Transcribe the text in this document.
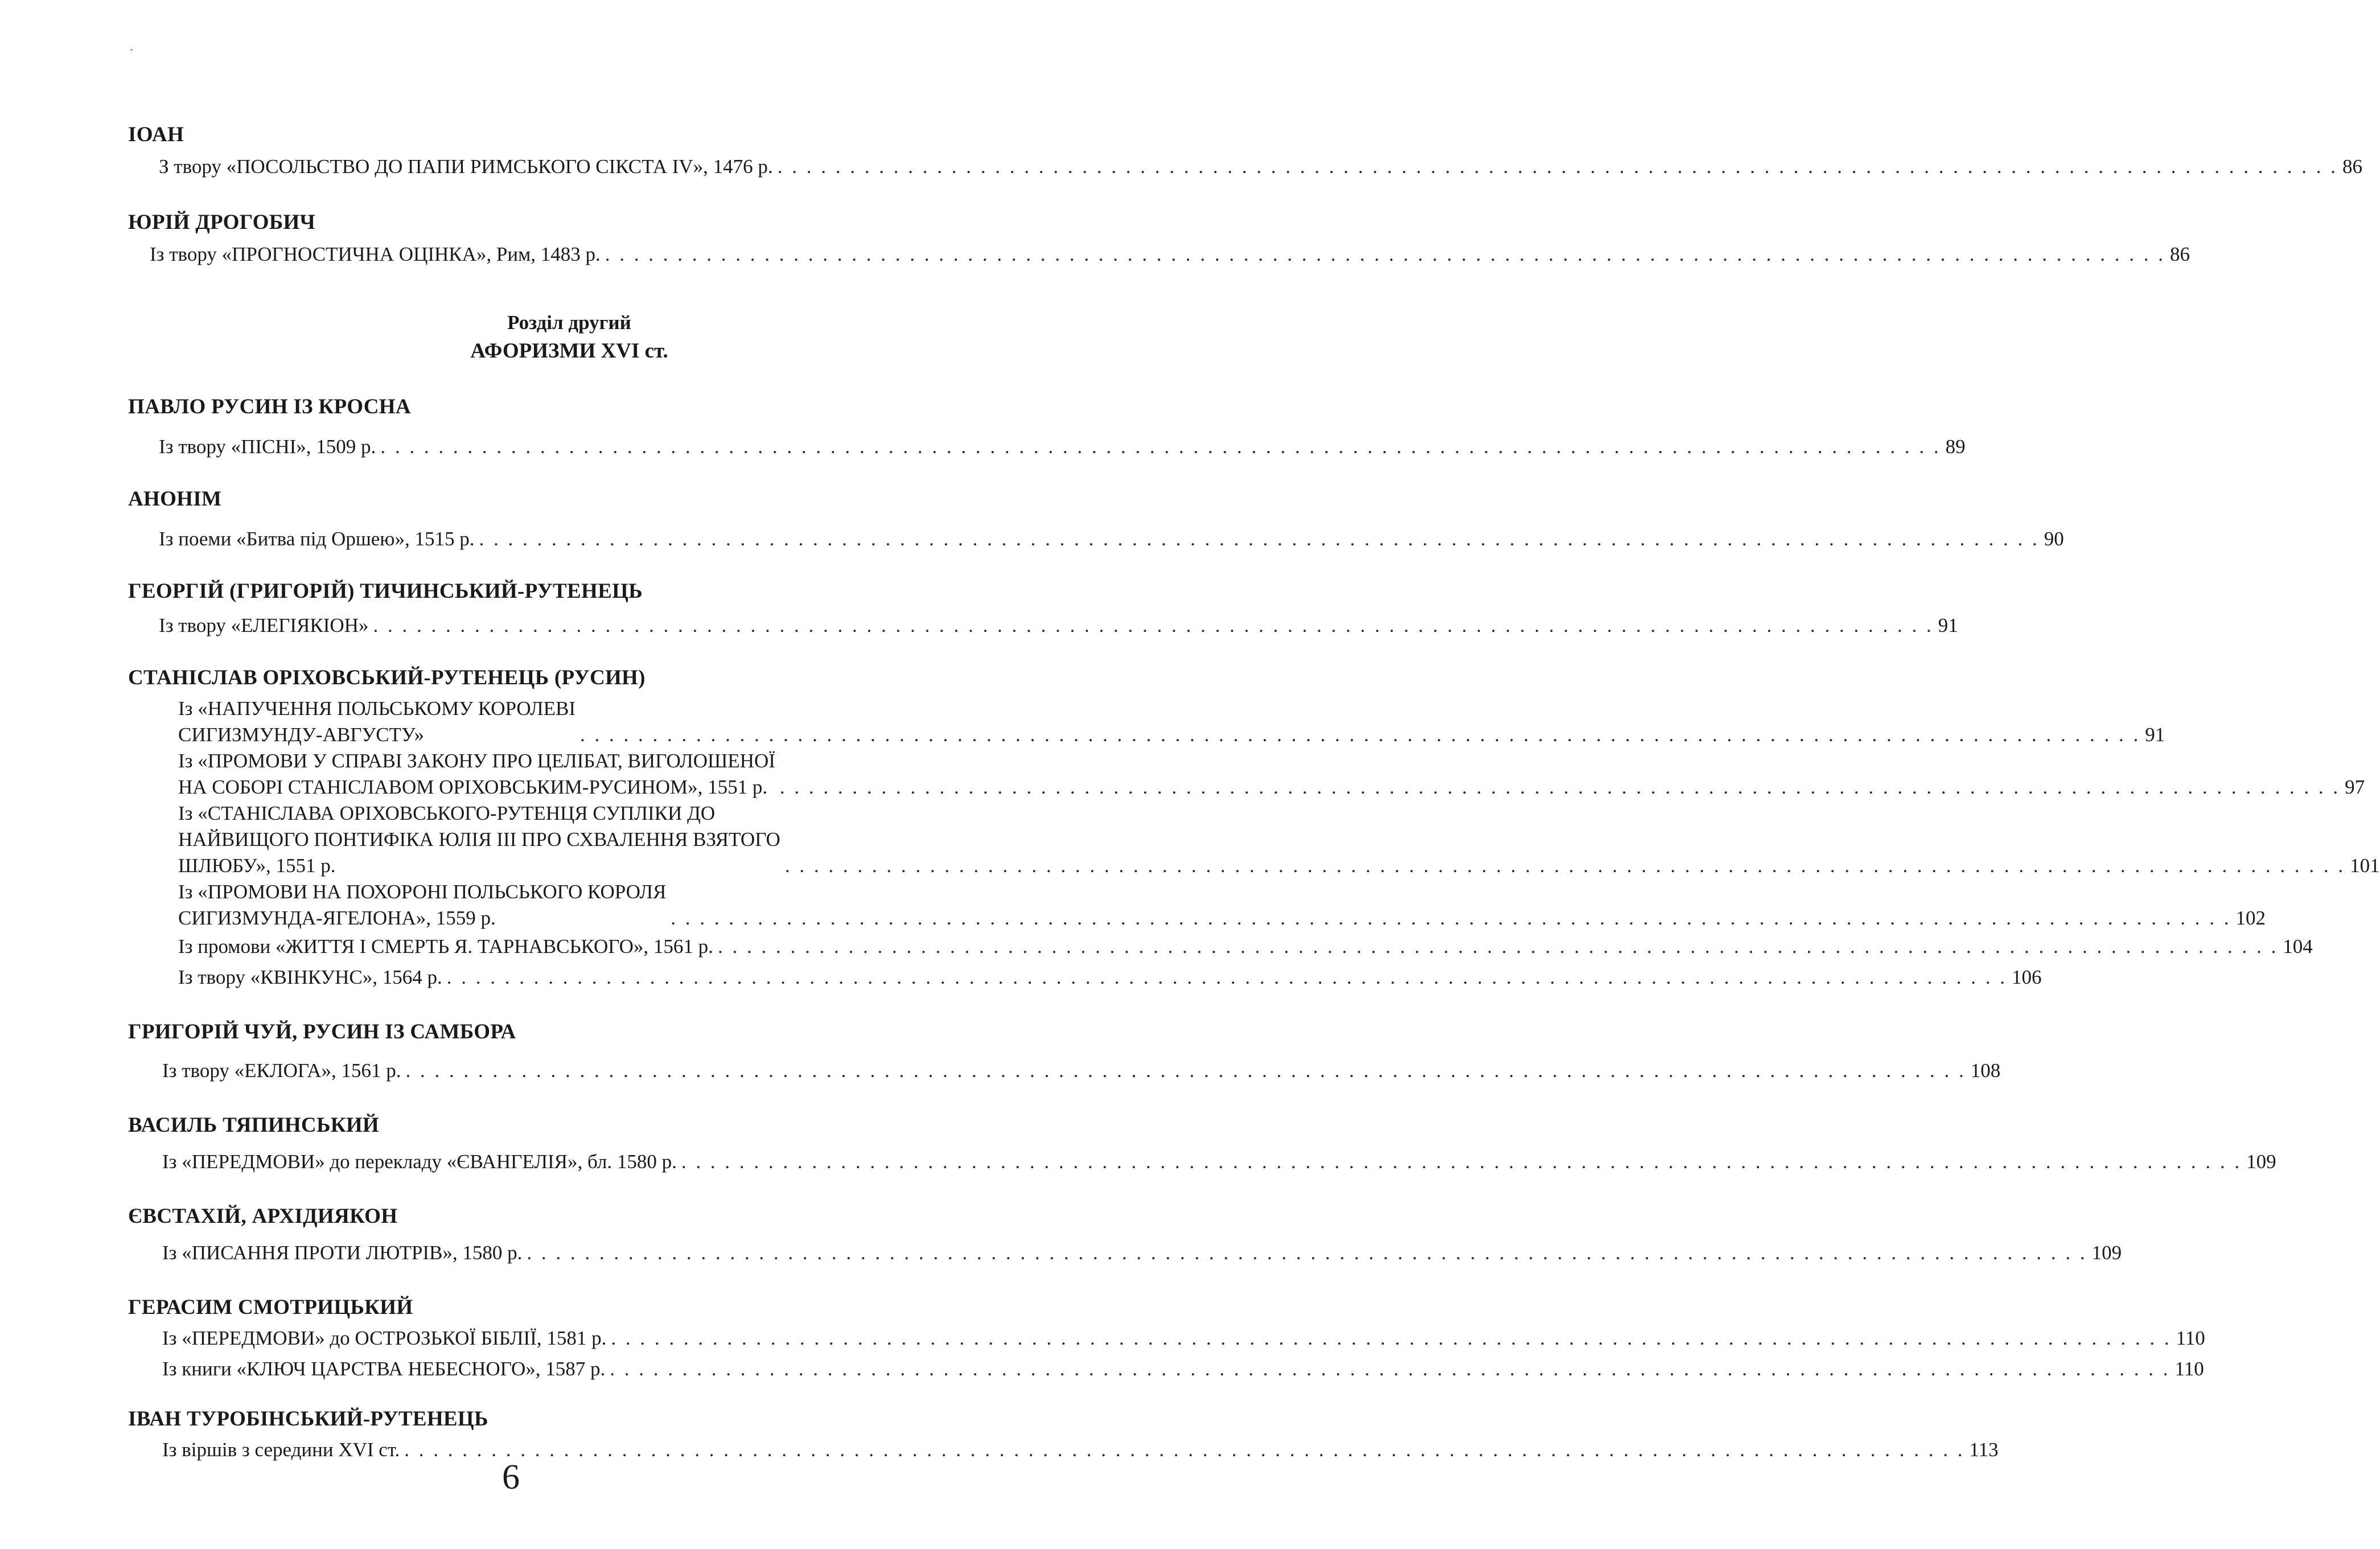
ІОАН
З твору «ПОСОЛЬСТВО ДО ПАПИ РИМСЬКОГО СІКСТА IV», 1476 р. . . . . . . . . . . . . . . . . . . . . . . . . . . . . . . . . . . . . . . . . . . . . . . . . . . . . . . . . . . . . . . . . . . . . . . . . . . . . . . . . . . . . . . . . . . . . . . . . . . . . . . . . . . . . 86
ЮРІЙ ДРОГОБИЧ
Із твору «ПРОГНОСТИЧНА ОЦІНКА», Рим, 1483 р. . . . . . . . . . . . . . . . . . . . . . . . . . . . . . . . . . . . . . . . . . . . . . . . . . . . . . . . . . . . . . . . . . . . . . . . . . . . . . . . . . . . . . . . . . . . . . . . . . . . . . . . . . . . . 86
Розділ другий
АФОРИЗМИ XVI ст.
ПАВЛО РУСИН ІЗ КРОСНА
Із твору «ПІСНІ», 1509 р. . . . . . . . . . . . . . . . . . . . . . . . . . . . . . . . . . . . . . . . . . . . . . . . . . . . . . . . . . . . . . . . . . . . . . . . . . . . . . . . . . . . . . . . . . . . . . . . . . . . . . . . . . . . . 89
АНОНІМ
Із поеми «Битва під Оршею», 1515 р. . . . . . . . . . . . . . . . . . . . . . . . . . . . . . . . . . . . . . . . . . . . . . . . . . . . . . . . . . . . . . . . . . . . . . . . . . . . . . . . . . . . . . . . . . . . . . . . . . . . . . . . . . . . . 90
ГЕОРГІЙ (ГРИГОРІЙ) ТИЧИНСЬКИЙ-РУТЕНЕЦЬ
Із твору «ЕЛЕГІЯКІОН» . . . . . . . . . . . . . . . . . . . . . . . . . . . . . . . . . . . . . . . . . . . . . . . . . . . . . . . . . . . . . . . . . . . . . . . . . . . . . . . . . . . . . . . . . . . . . . . . . . . . . . . . . . . . 91
СТАНІСЛАВ ОРІХОВСЬКИЙ-РУТЕНЕЦЬ (РУСИН)
Із «НАПУЧЕННЯ ПОЛЬСЬКОМУ КОРОЛЕВІ
СИГИЗМУНДУ-АВГУСТУ»	. . . . . . . . . . . . . . . . . . . . . . . . . . . . . . . . . . . . . . . . . . . . . . . . . . . . . . . . . . . . . . . . . . . . . . . . . . . . . . . . . . . . . . . . . . . . . . . . . . . . . . . . . . . . 91
Із «ПРОМОВИ У СПРАВІ ЗАКОНУ ПРО ЦЕЛІБАТ, ВИГОЛОШЕНОЇ
НА СОБОРІ СТАНІСЛАВОМ ОРІХОВСЬКИМ-РУСИНОМ», 1551 р. . . . . . . . . . . . . . . . . . . . . . . . . . . . . . . . . . . . . . . . . . . . . . . . . . . . . . . . . . . . . . . . . . . . . . . . . . . . . . . . . . . . . . . . . . . . . . . . . . . . . . . . . . . . . 97
Із «СТАНІСЛАВА ОРІХОВСЬКОГО-РУТЕНЦЯ СУПЛІКИ ДО
НАЙВИЩОГО ПОНТИФІКА ЮЛІЯ ІІІ ПРО СХВАЛЕННЯ ВЗЯТОГО
ШЛЮБУ», 1551 р.	. . . . . . . . . . . . . . . . . . . . . . . . . . . . . . . . . . . . . . . . . . . . . . . . . . . . . . . . . . . . . . . . . . . . . . . . . . . . . . . . . . . . . . . . . . . . . . . . . . . . . . . . . . . . 101
Із «ПРОМОВИ НА ПОХОРОНІ ПОЛЬСЬКОГО КОРОЛЯ
СИГИЗМУНДА-ЯГЕЛОНА», 1559 р.	. . . . . . . . . . . . . . . . . . . . . . . . . . . . . . . . . . . . . . . . . . . . . . . . . . . . . . . . . . . . . . . . . . . . . . . . . . . . . . . . . . . . . . . . . . . . . . . . . . . . . . . . . . . . 102
Із промови «ЖИТТЯ І СМЕРТЬ Я. ТАРНАВСЬКОГО», 1561 р. . . . . . . . . . . . . . . . . . . . . . . . . . . . . . . . . . . . . . . . . . . . . . . . . . . . . . . . . . . . . . . . . . . . . . . . . . . . . . . . . . . . . . . . . . . . . . . . . . . . . . . . . . . . . 104
Із твору «КВІНКУНС», 1564 р. . . . . . . . . . . . . . . . . . . . . . . . . . . . . . . . . . . . . . . . . . . . . . . . . . . . . . . . . . . . . . . . . . . . . . . . . . . . . . . . . . . . . . . . . . . . . . . . . . . . . . . . . . . . . 106
ГРИГОРІЙ ЧУЙ, РУСИН ІЗ САМБОРА
Із твору «ЕКЛОГА», 1561 р. . . . . . . . . . . . . . . . . . . . . . . . . . . . . . . . . . . . . . . . . . . . . . . . . . . . . . . . . . . . . . . . . . . . . . . . . . . . . . . . . . . . . . . . . . . . . . . . . . . . . . . . . . . . . 108
ВАСИЛЬ ТЯПИНСЬКИЙ
Із «ПЕРЕДМОВИ» до перекладу «ЄВАНГЕЛІЯ», бл. 1580 р. . . . . . . . . . . . . . . . . . . . . . . . . . . . . . . . . . . . . . . . . . . . . . . . . . . . . . . . . . . . . . . . . . . . . . . . . . . . . . . . . . . . . . . . . . . . . . . . . . . . . . . . . . . . . 109
ЄВСТАХІЙ, АРХІДИЯКОН
Із «ПИСАННЯ ПРОТИ ЛЮТРІВ», 1580 р. . . . . . . . . . . . . . . . . . . . . . . . . . . . . . . . . . . . . . . . . . . . . . . . . . . . . . . . . . . . . . . . . . . . . . . . . . . . . . . . . . . . . . . . . . . . . . . . . . . . . . . . . . . . . 109
ГЕРАСИМ СМОТРИЦЬКИЙ
Із «ПЕРЕДМОВИ» до ОСТРОЗЬКОЇ БІБЛІЇ, 1581 р. . . . . . . . . . . . . . . . . . . . . . . . . . . . . . . . . . . . . . . . . . . . . . . . . . . . . . . . . . . . . . . . . . . . . . . . . . . . . . . . . . . . . . . . . . . . . . . . . . . . . . . . . . . . . 110
Із книги «КЛЮЧ ЦАРСТВА НЕБЕСНОГО», 1587 р. . . . . . . . . . . . . . . . . . . . . . . . . . . . . . . . . . . . . . . . . . . . . . . . . . . . . . . . . . . . . . . . . . . . . . . . . . . . . . . . . . . . . . . . . . . . . . . . . . . . . . . . . . . . . 110
ІВАН ТУРОБІНСЬКИЙ-РУТЕНЕЦЬ
Із віршів з середини XVI ст. . . . . . . . . . . . . . . . . . . . . . . . . . . . . . . . . . . . . . . . . . . . . . . . . . . . . . . . . . . . . . . . . . . . . . . . . . . . . . . . . . . . . . . . . . . . . . . . . . . . . . . . . . . . . 113
6
